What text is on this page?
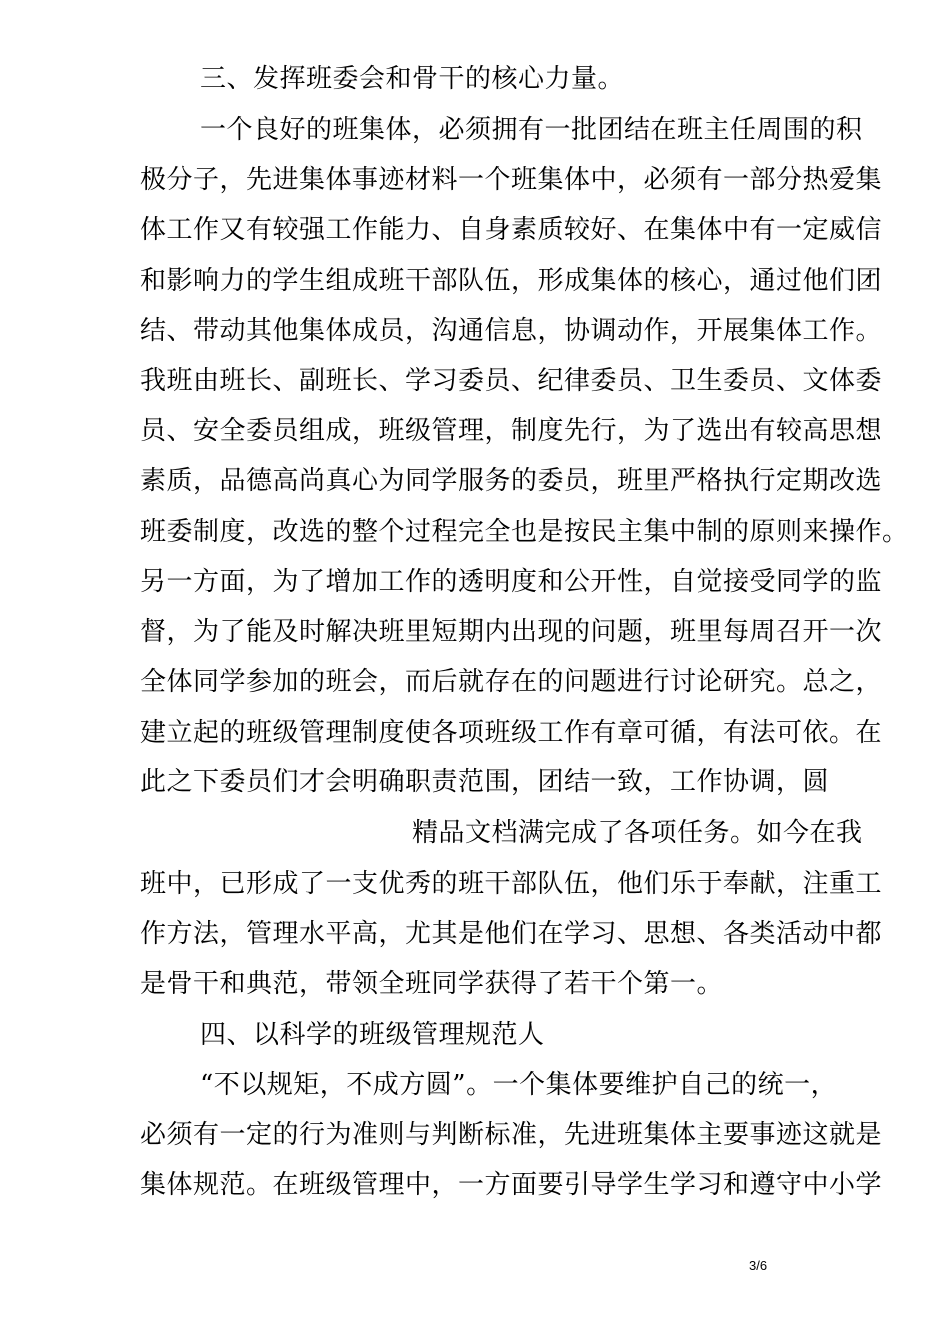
三、发挥班委会和骨干的核心力量。
一个良好的班集体，必须拥有一批团结在班主任周围的积
极分子，先进集体事迹材料一个班集体中，必须有一部分热爱集
体工作又有较强工作能力、自身素质较好、在集体中有一定威信
和影响力的学生组成班干部队伍，形成集体的核心，通过他们团
结、带动其他集体成员，沟通信息，协调动作，开展集体工作。
我班由班长、副班长、学习委员、纪律委员、卫生委员、文体委
员、安全委员组成，班级管理，制度先行，为了选出有较高思想
素质，品德高尚真心为同学服务的委员，班里严格执行定期改选
班委制度，改选的整个过程完全也是按民主集中制的原则来操作。
另一方面，为了增加工作的透明度和公开性，自觉接受同学的监
督，为了能及时解决班里短期内出现的问题，班里每周召开一次
全体同学参加的班会，而后就存在的问题进行讨论研究。总之，
建立起的班级管理制度使各项班级工作有章可循，有法可依。在
此之下委员们才会明确职责范围，团结一致，工作协调，圆
精品文档满完成了各项任务。如今在我
班中，已形成了一支优秀的班干部队伍，他们乐于奉献，注重工
作方法，管理水平高，尤其是他们在学习、思想、各类活动中都
是骨干和典范，带领全班同学获得了若干个第一。
四、以科学的班级管理规范人
“不以规矩，不成方圆”。一个集体要维护自己的统一，
必须有一定的行为准则与判断标准，先进班集体主要事迹这就是
集体规范。在班级管理中，一方面要引导学生学习和遵守中小学
3/6
